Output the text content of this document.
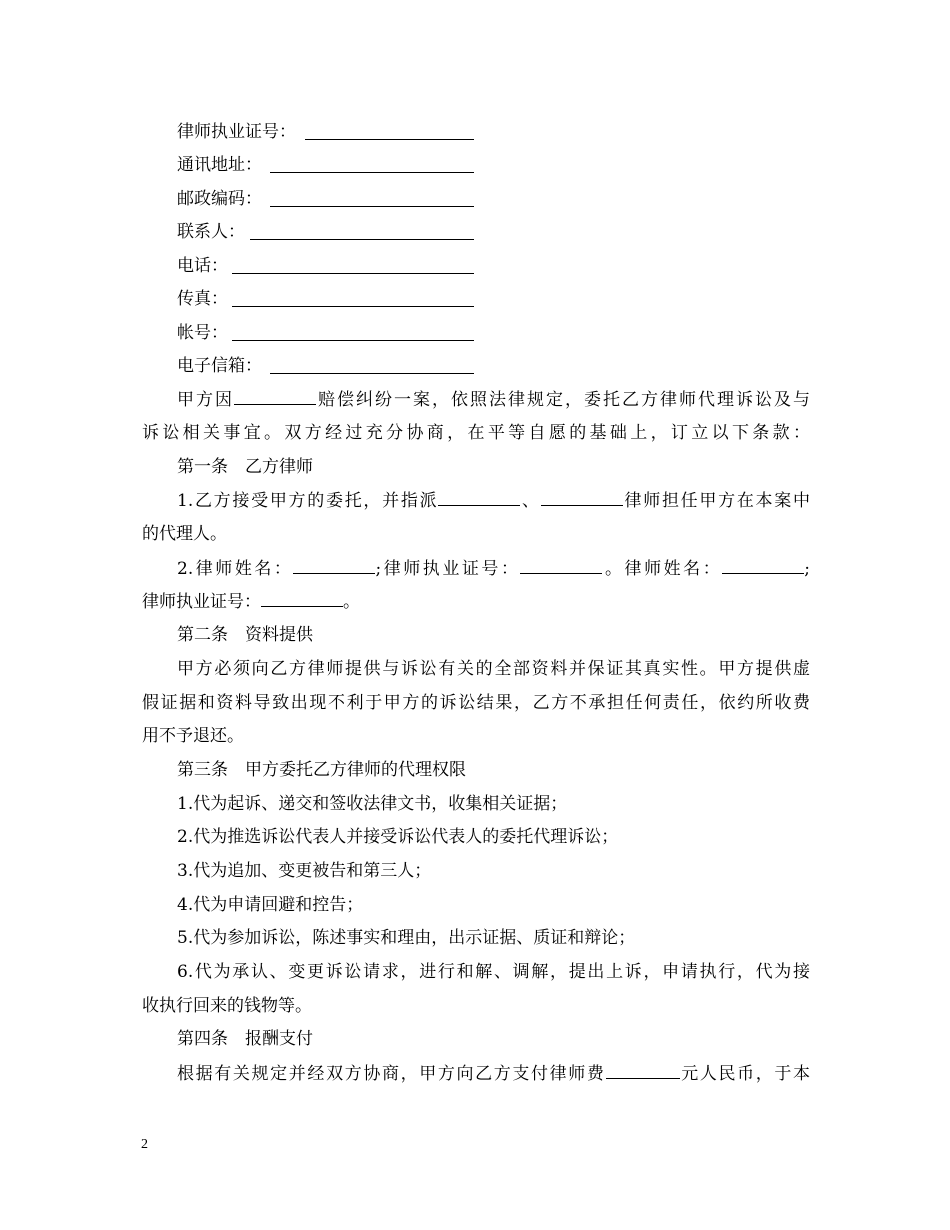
律师执业证号：
通讯地址：
邮政编码：
联系人：
电话：
传真：
帐号：
电子信箱：
甲方因	赔偿纠纷一案，依照法律规定，委托乙方律师代理诉讼及与
诉讼相关事宜。双方经过充分协商，在平等自愿的基础上，订立以下条款：
第一条　乙方律师
1.乙方接受甲方的委托，并指派	、	律师担任甲方在本案中
的代理人。
2.律师姓名：	;律师执业证号：	。律师姓名：	;
律师执业证号：	。
第二条　资料提供
甲方必须向乙方律师提供与诉讼有关的全部资料并保证其真实性。甲方提供虚
假证据和资料导致出现不利于甲方的诉讼结果，乙方不承担任何责任，依约所收费
用不予退还。
第三条　甲方委托乙方律师的代理权限
1.代为起诉、递交和签收法律文书，收集相关证据；
2.代为推选诉讼代表人并接受诉讼代表人的委托代理诉讼；
3.代为追加、变更被告和第三人；
4.代为申请回避和控告；
5.代为参加诉讼，陈述事实和理由，出示证据、质证和辩论；
6.代为承认、变更诉讼请求，进行和解、调解，提出上诉，申请执行，代为接
收执行回来的钱物等。
第四条　报酬支付
根据有关规定并经双方协商，甲方向乙方支付律师费	元人民币，于本
2
